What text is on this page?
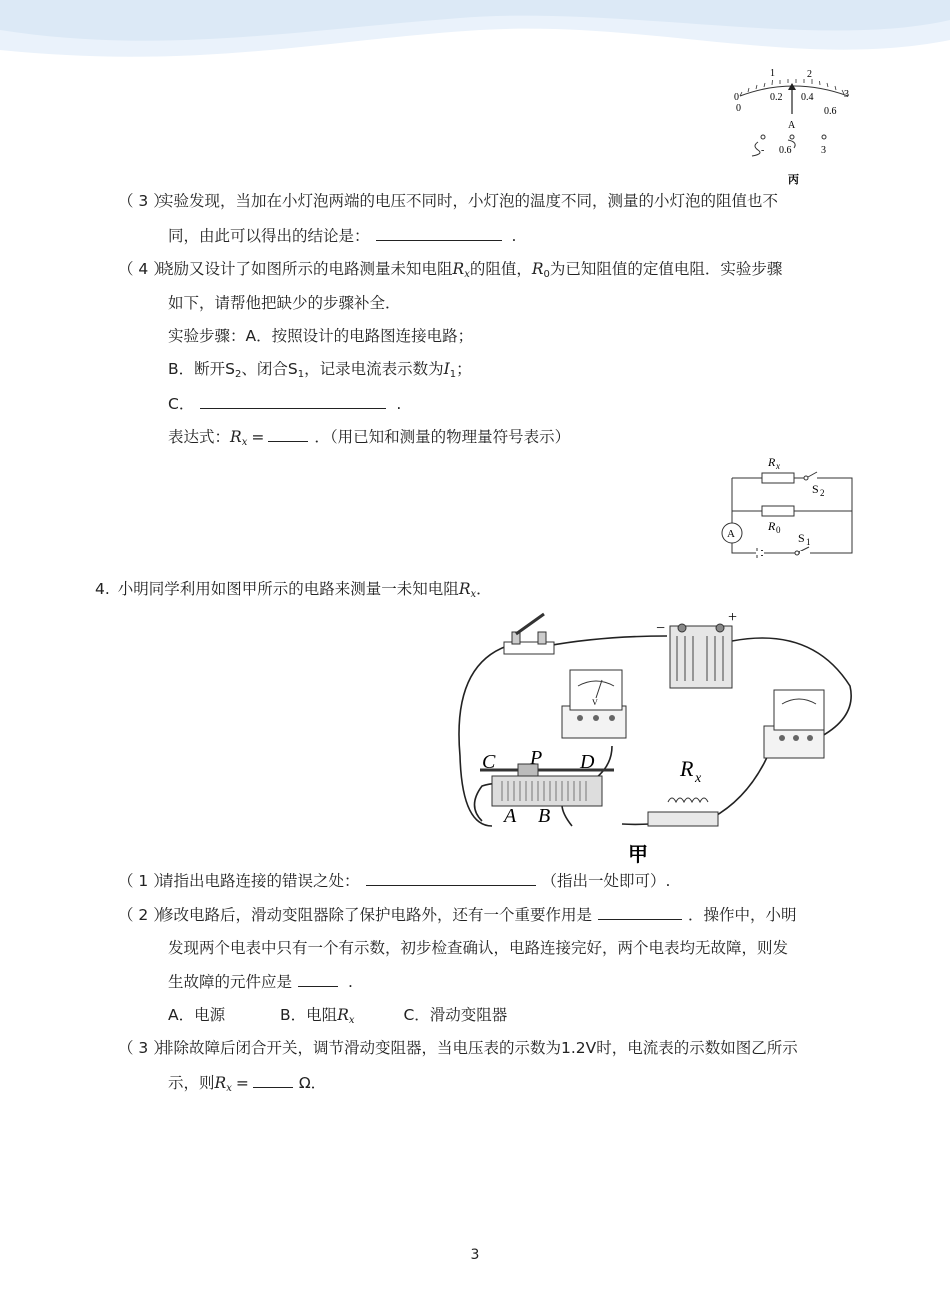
0
1	2
3
0
0.2 0.4
0.6
A
- 0.6	3
丙
（ 3 ）实验发现，当加在小灯泡两端的电压不同时，小灯泡的温度不同，测量的小灯泡的阻值也不
同，由此可以得出的结论是：	.
（ 4 ）晓励又设计了如图所示的电路测量未知电阻$R_x$的阻值，$R_0$为已知阻值的定值电阻．实验步骤
如下，请帮他把缺少的步骤补全．
实验步骤：A．按照设计的电路图连接电路；
B．断开$S_2$、闭合$S_1$，记录电流表示数为$I_1$；
C．	.
表达式：$R_x$ =	．（用已知和测量的物理量符号表示）
A
R x
S 2
R 0
S 1
4. 小明同学利用如图甲所示的电路来测量一未知电阻$R_x$．
−
+
V
C P D
A B
R x
甲
（ 1 ）请指出电路连接的错误之处：	（指出一处即可）.
（ 2 ）修改电路后，滑动变阻器除了保护电路外，还有一个重要作用是	．操作中，小明
发现两个电表中只有一个有示数，初步检查确认，电路连接完好，两个电表均无故障，则发
生故障的元件应是	.
A．电源	B．电阻$R_x$	C．滑动变阻器
（ 3 ）排除故障后闭合开关，调节滑动变阻器，当电压表的示数为1.2V时，电流表的示数如图乙所示
示，则$R_x$ =	Ω．
3
